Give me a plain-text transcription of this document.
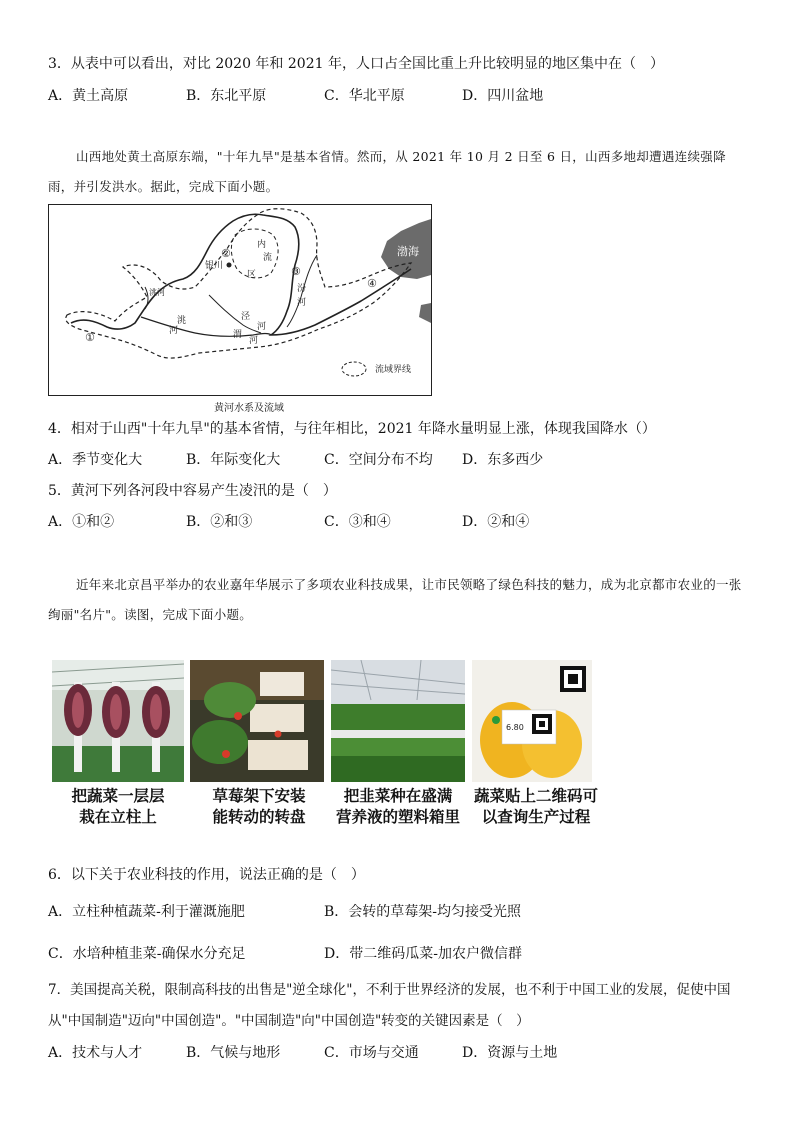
3．从表中可以看出，对比 2020 年和 2021 年，人口占全国比重上升比较明显的地区集中在（　）
A．黄土高原	B．东北平原	C．华北平原	D．四川盆地
山西地处黄土高原东端，"十年九旱"是基本省情。然而，从 2021 年 10 月 2 日至 6 日，山西多地却遭遇连续强降雨，并引发洪水。据此，完成下面小题。
渤海
银川
内
流
区
汾
河
洮河
洮
河	渭
河
泾
河
①
②
③
④
流域界线
黄河水系及流域
4．相对于山西"十年九旱"的基本省情，与往年相比，2021 年降水量明显上涨，体现我国降水（）
A．季节变化大	B．年际变化大	C．空间分布不均 D．东多西少
5．黄河下列各河段中容易产生凌汛的是（　）
A．①和②	B．②和③	C．③和④	D．②和④
近年来北京昌平举办的农业嘉年华展示了多项农业科技成果，让市民领略了绿色科技的魅力，成为北京都市农业的一张绚丽"名片"。读图，完成下面小题。
6.80
把蔬菜一层层
栽在立柱上
草莓架下安装
能转动的转盘
把韭菜种在盛满
营养液的塑料箱里
蔬菜贴上二维码可
以查询生产过程
6．以下关于农业科技的作用，说法正确的是（　）
A．立柱种植蔬菜-利于灌溉施肥	B．会转的草莓架-均匀接受光照
C．水培种植韭菜-确保水分充足	D．带二维码瓜菜-加农户微信群
7．美国提高关税，限制高科技的出售是"逆全球化"，不利于世界经济的发展，也不利于中国工业的发展，促使中国
从"中国制造"迈向"中国创造"。"中国制造"向"中国创造"转变的关键因素是（　）
A．技术与人才	B．气候与地形	C．市场与交通	D．资源与土地
